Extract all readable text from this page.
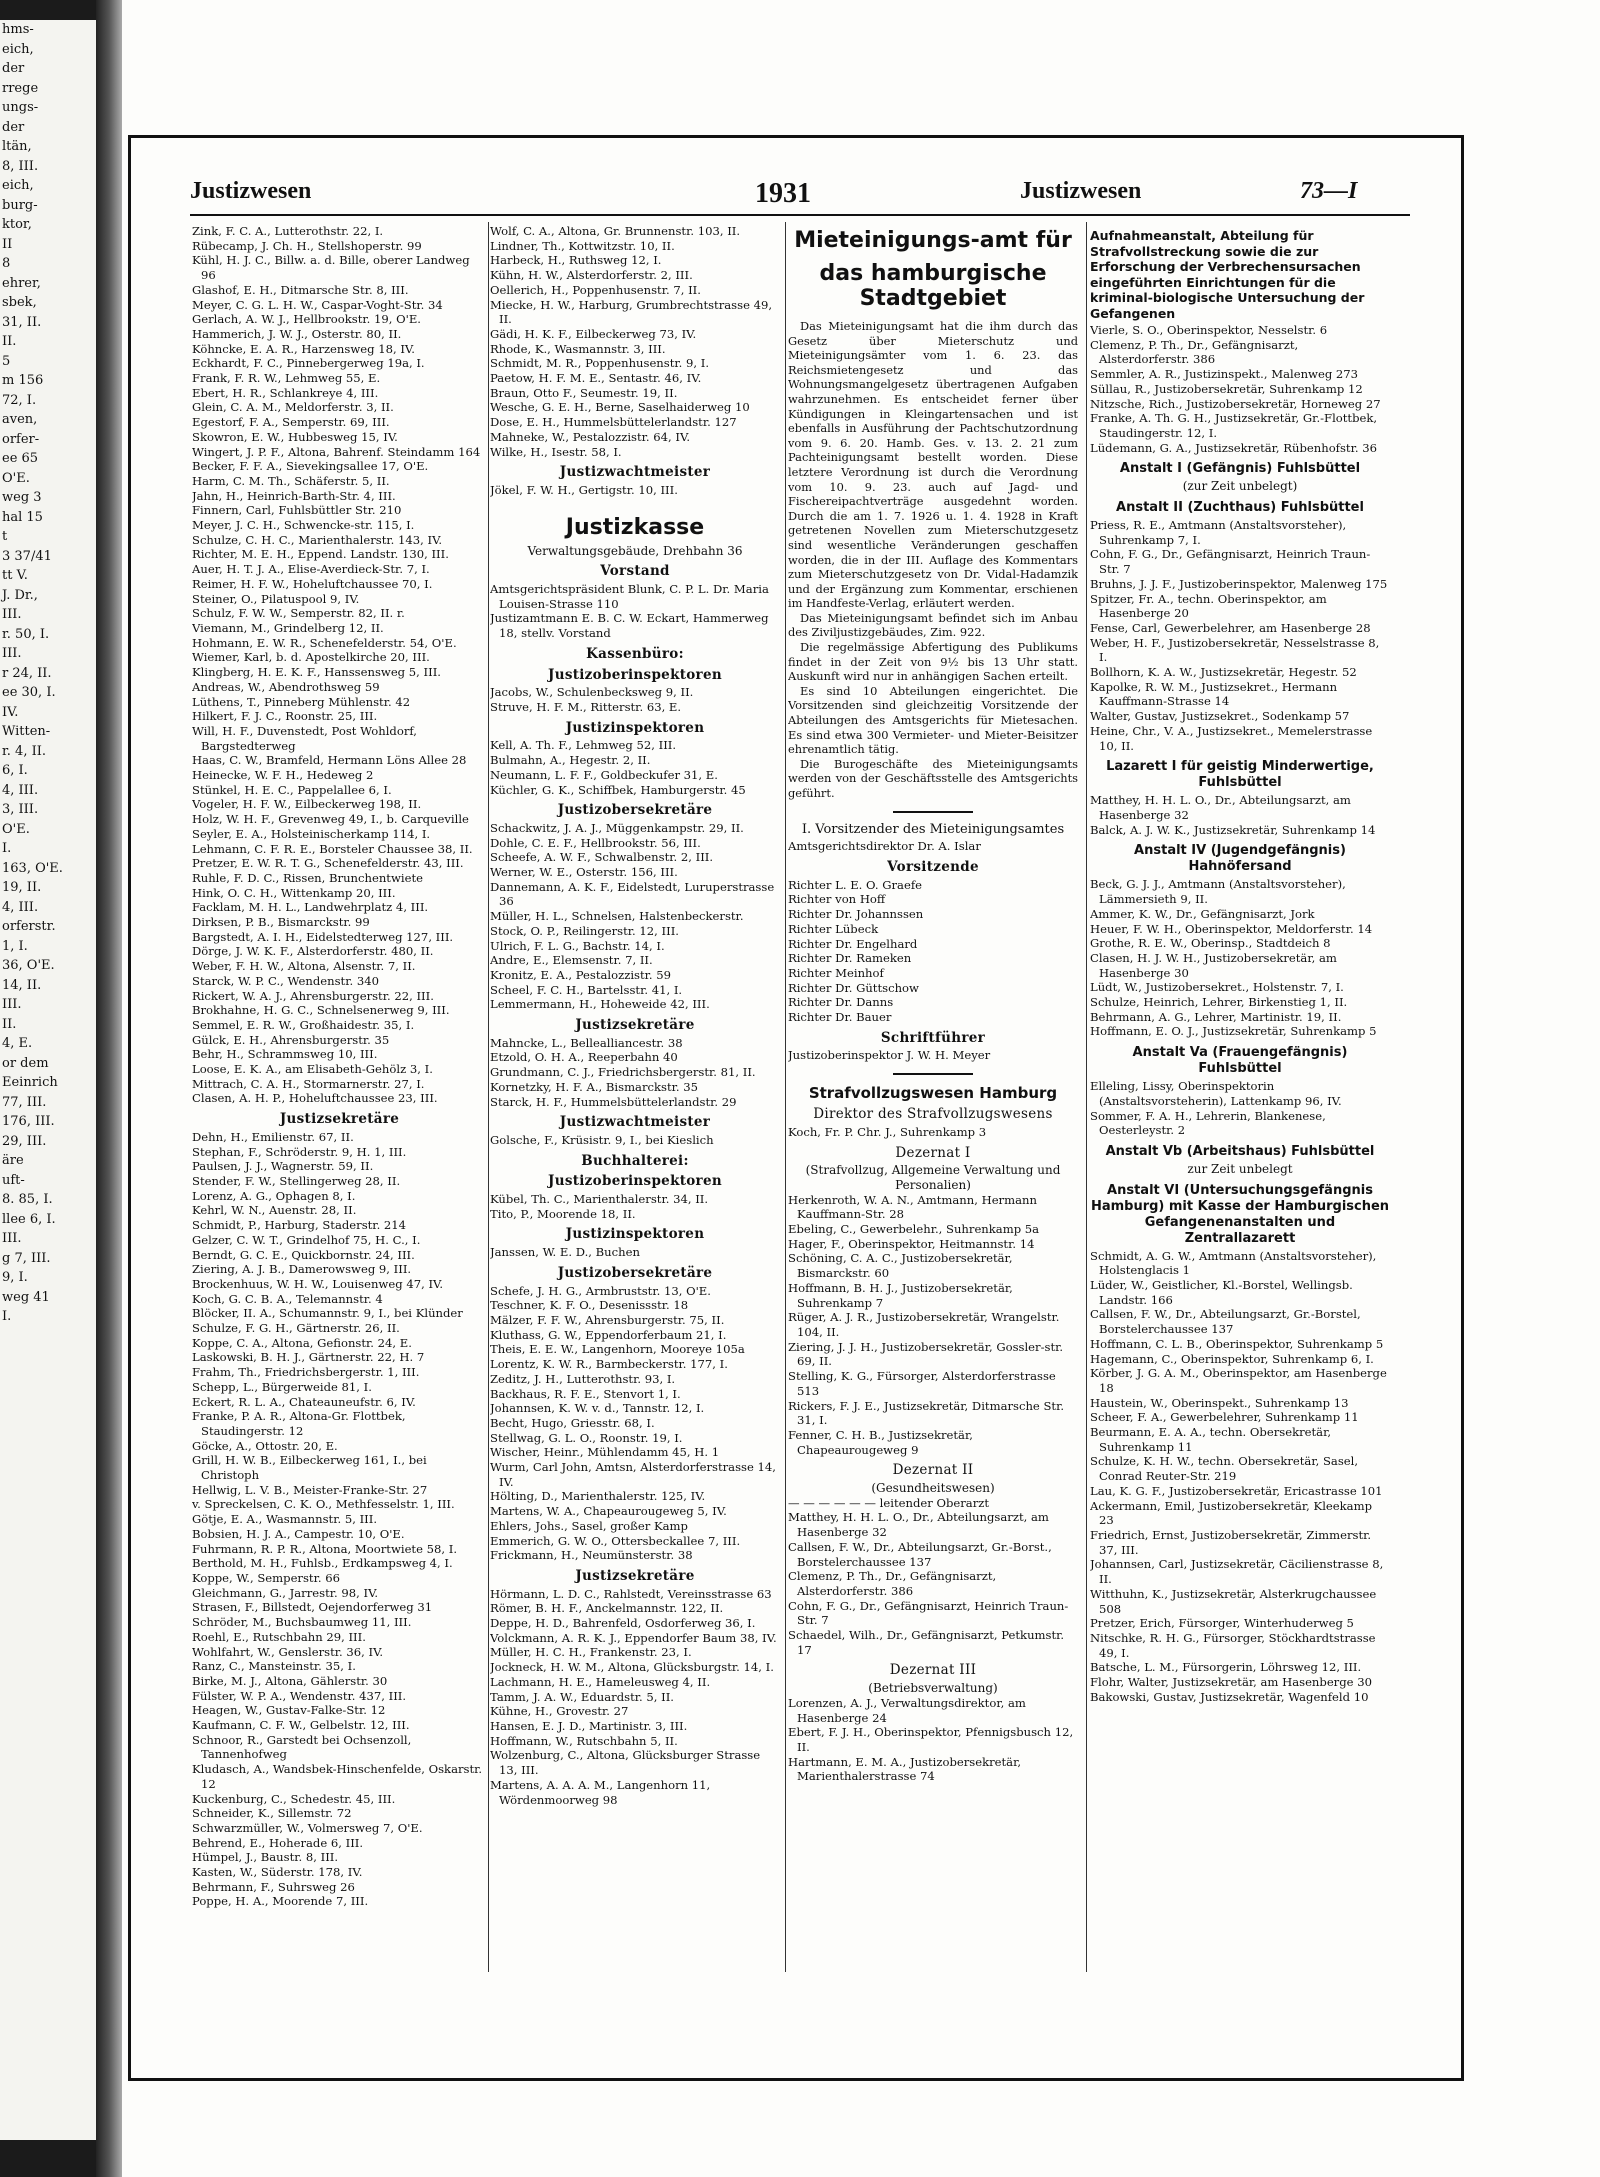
hms-
eich,
der
rrege
ungs-
der
ltän,
8, III.
eich,
burg-
ktor,
II
8
ehrer,
sbek,
31, II.
II.
5
m 156
72, I.
aven,
orfer-
ee 65
O'E.
weg 3
hal 15
t
3 37/41
tt V.
J. Dr.,
III.
r. 50, I.
III.
r 24, II.
ee 30, I.
IV.
Witten-
r. 4, II.
6, I.
4, III.
3, III.
O'E.
I.
163, O'E.
19, II.
4, III.
orferstr.
1, I.
36, O'E.
14, II.
III.
II.
4, E.
or dem
Eeinrich
77, III.
176, III.
29, III.
äre
uft-
8. 85, I.
llee 6, I.
III.
g 7, III.
9, I.
weg 41
I.
Justizwesen	1931	Justizwesen	73—I
Zink, F. C. A., Lutterothstr. 22, I.
Rübecamp, J. Ch. H., Stellshoperstr. 99
Kühl, H. J. C., Billw. a. d. Bille, oberer Landweg 96
Glashof, E. H., Ditmarsche Str. 8, III.
Meyer, C. G. L. H. W., Caspar-Voght-Str. 34
Gerlach, A. W. J., Hellbrookstr. 19, O'E.
Hammerich, J. W. J., Osterstr. 80, II.
Köhncke, E. A. R., Harzensweg 18, IV.
Eckhardt, F. C., Pinnebergerweg 19a, I.
Frank, F. R. W., Lehmweg 55, E.
Ebert, H. R., Schlankreye 4, III.
Glein, C. A. M., Meldorferstr. 3, II.
Egestorf, F. A., Semperstr. 69, III.
Skowron, E. W., Hubbesweg 15, IV.
Wingert, J. P. F., Altona, Bahrenf. Steindamm 164
Becker, F. F. A., Sievekingsallee 17, O'E.
Harm, C. M. Th., Schäferstr. 5, II.
Jahn, H., Heinrich-Barth-Str. 4, III.
Finnern, Carl, Fuhlsbüttler Str. 210
Meyer, J. C. H., Schwencke-str. 115, I.
Schulze, C. H. C., Marienthalerstr. 143, IV.
Richter, M. E. H., Eppend. Landstr. 130, III.
Auer, H. T. J. A., Elise-Averdieck-Str. 7, I.
Reimer, H. F. W., Hoheluftchaussee 70, I.
Steiner, O., Pilatuspool 9, IV.
Schulz, F. W. W., Semperstr. 82, II. r.
Viemann, M., Grindelberg 12, II.
Hohmann, E. W. R., Schenefelderstr. 54, O'E.
Wiemer, Karl, b. d. Apostelkirche 20, III.
Klingberg, H. E. K. F., Hanssensweg 5, III.
Andreas, W., Abendrothsweg 59
Lüthens, T., Pinneberg Mühlenstr. 42
Hilkert, F. J. C., Roonstr. 25, III.
Will, H. F., Duvenstedt, Post Wohldorf, Bargstedterweg
Haas, C. W., Bramfeld, Hermann Löns Allee 28
Heinecke, W. F. H., Hedeweg 2
Stünkel, H. E. C., Pappelallee 6, I.
Vogeler, H. F. W., Eilbeckerweg 198, II.
Holz, W. H. F., Grevenweg 49, I., b. Carqueville
Seyler, E. A., Holsteinischerkamp 114, I.
Lehmann, C. F. R. E., Borsteler Chaussee 38, II.
Pretzer, E. W. R. T. G., Schenefelderstr. 43, III.
Ruhle, F. D. C., Rissen, Brunchentwiete
Hink, O. C. H., Wittenkamp 20, III.
Facklam, M. H. L., Landwehrplatz 4, III.
Dirksen, P. B., Bismarckstr. 99
Bargstedt, A. I. H., Eidelstedterweg 127, III.
Dörge, J. W. K. F., Alsterdorferstr. 480, II.
Weber, F. H. W., Altona, Alsenstr. 7, II.
Starck, W. P. C., Wendenstr. 340
Rickert, W. A. J., Ahrensburgerstr. 22, III.
Brokhahne, H. G. C., Schnelsenerweg 9, III.
Semmel, E. R. W., Großhaidestr. 35, I.
Gülck, E. H., Ahrensburgerstr. 35
Behr, H., Schrammsweg 10, III.
Loose, E. K. A., am Elisabeth-Gehölz 3, I.
Mittrach, C. A. H., Stormarnerstr. 27, I.
Clasen, A. H. P., Hoheluftchaussee 23, III.
Justizsekretäre
Dehn, H., Emilienstr. 67, II.
Stephan, F., Schröderstr. 9, H. 1, III.
Paulsen, J. J., Wagnerstr. 59, II.
Stender, F. W., Stellingerweg 28, II.
Lorenz, A. G., Ophagen 8, I.
Kehrl, W. N., Auenstr. 28, II.
Schmidt, P., Harburg, Staderstr. 214
Gelzer, C. W. T., Grindelhof 75, H. C., I.
Berndt, G. C. E., Quickbornstr. 24, III.
Ziering, A. J. B., Damerowsweg 9, III.
Brockenhuus, W. H. W., Louisenweg 47, IV.
Koch, G. C. B. A., Telemannstr. 4
Blöcker, II. A., Schumannstr. 9, I., bei Klünder
Schulze, F. G. H., Gärtnerstr. 26, II.
Koppe, C. A., Altona, Gefionstr. 24, E.
Laskowski, B. H. J., Gärtnerstr. 22, H. 7
Frahm, Th., Friedrichsbergerstr. 1, III.
Schepp, L., Bürgerweide 81, I.
Eckert, R. L. A., Chateauneufstr. 6, IV.
Franke, P. A. R., Altona-Gr. Flottbek, Staudingerstr. 12
Göcke, A., Ottostr. 20, E.
Grill, H. W. B., Eilbeckerweg 161, I., bei Christoph
Hellwig, L. V. B., Meister-Franke-Str. 27
v. Spreckelsen, C. K. O., Methfesselstr. 1, III.
Götje, E. A., Wasmannstr. 5, III.
Bobsien, H. J. A., Campestr. 10, O'E.
Fuhrmann, R. P. R., Altona, Moortwiete 58, I.
Berthold, M. H., Fuhlsb., Erdkampsweg 4, I.
Koppe, W., Semperstr. 66
Gleichmann, G., Jarrestr. 98, IV.
Strasen, F., Billstedt, Oejendorferweg 31
Schröder, M., Buchsbaumweg 11, III.
Roehl, E., Rutschbahn 29, III.
Wohlfahrt, W., Genslerstr. 36, IV.
Ranz, C., Mansteinstr. 35, I.
Birke, M. J., Altona, Gählerstr. 30
Fülster, W. P. A., Wendenstr. 437, III.
Heagen, W., Gustav-Falke-Str. 12
Kaufmann, C. F. W., Gelbelstr. 12, III.
Schnoor, R., Garstedt bei Ochsenzoll, Tannenhofweg
Kludasch, A., Wandsbek-Hinschenfelde, Oskarstr. 12
Kuckenburg, C., Schedestr. 45, III.
Schneider, K., Sillemstr. 72
Schwarzmüller, W., Volmersweg 7, O'E.
Behrend, E., Hoherade 6, III.
Hümpel, J., Baustr. 8, III.
Kasten, W., Süderstr. 178, IV.
Behrmann, F., Suhrsweg 26
Poppe, H. A., Moorende 7, III.
Wolf, C. A., Altona, Gr. Brunnenstr. 103, II.
Lindner, Th., Kottwitzstr. 10, II.
Harbeck, H., Ruthsweg 12, I.
Kühn, H. W., Alsterdorferstr. 2, III.
Oellerich, H., Poppenhusenstr. 7, II.
Miecke, H. W., Harburg, Grumbrechtstrasse 49, II.
Gädi, H. K. F., Eilbeckerweg 73, IV.
Rhode, K., Wasmannstr. 3, III.
Schmidt, M. R., Poppenhusenstr. 9, I.
Paetow, H. F. M. E., Sentastr. 46, IV.
Braun, Otto F., Seumestr. 19, II.
Wesche, G. E. H., Berne, Saselhaiderweg 10
Dose, E. H., Hummelsbüttelerlandstr. 127
Mahneke, W., Pestalozzistr. 64, IV.
Wilke, H., Isestr. 58, I.
Justizwachtmeister
Jökel, F. W. H., Gertigstr. 10, III.
Justizkasse
Verwaltungsgebäude, Drehbahn 36
Vorstand
Amtsgerichtspräsident Blunk, C. P. L. Dr. Maria Louisen-Strasse 110
Justizamtmann E. B. C. W. Eckart, Hammerweg 18, stellv. Vorstand
Kassenbüro:
Justizoberinspektoren
Jacobs, W., Schulenbecksweg 9, II.
Struve, H. F. M., Ritterstr. 63, E.
Justizinspektoren
Kell, A. Th. F., Lehmweg 52, III.
Bulmahn, A., Hegestr. 2, II.
Neumann, L. F. F., Goldbeckufer 31, E.
Küchler, G. K., Schiffbek, Hamburgerstr. 45
Justizobersekretäre
Schackwitz, J. A. J., Müggenkampstr. 29, II.
Dohle, C. E. F., Hellbrookstr. 56, III.
Scheefe, A. W. F., Schwalbenstr. 2, III.
Werner, W. E., Osterstr. 156, III.
Dannemann, A. K. F., Eidelstedt, Luruperstrasse 36
Müller, H. L., Schnelsen, Halstenbeckerstr.
Stock, O. P., Reilingerstr. 12, III.
Ulrich, F. L. G., Bachstr. 14, I.
Andre, E., Elemsenstr. 7, II.
Kronitz, E. A., Pestalozzistr. 59
Scheel, F. C. H., Bartelsstr. 41, I.
Lemmermann, H., Hoheweide 42, III.
Justizsekretäre
Mahncke, L., Bellealliancestr. 38
Etzold, O. H. A., Reeperbahn 40
Grundmann, C. J., Friedrichsbergerstr. 81, II.
Kornetzky, H. F. A., Bismarckstr. 35
Starck, H. F., Hummelsbüttelerlandstr. 29
Justizwachtmeister
Golsche, F., Krüsistr. 9, I., bei Kieslich
Buchhalterei:
Justizoberinspektoren
Kübel, Th. C., Marienthalerstr. 34, II.
Tito, P., Moorende 18, II.
Justizinspektoren
Janssen, W. E. D., Buchen
Justizobersekretäre
Schefe, J. H. G., Armbruststr. 13, O'E.
Teschner, K. F. O., Desenissstr. 18
Mälzer, F. F. W., Ahrensburgerstr. 75, II.
Kluthass, G. W., Eppendorferbaum 21, I.
Theis, E. E. W., Langenhorn, Mooreye 105a
Lorentz, K. W. R., Barmbeckerstr. 177, I.
Zeditz, J. H., Lutterothstr. 93, I.
Backhaus, R. F. E., Stenvort 1, I.
Johannsen, K. W. v. d., Tannstr. 12, I.
Becht, Hugo, Griesstr. 68, I.
Stellwag, G. L. O., Roonstr. 19, I.
Wischer, Heinr., Mühlendamm 45, H. 1
Wurm, Carl John, Amtsn, Alsterdorferstrasse 14, IV.
Hölting, D., Marienthalerstr. 125, IV.
Martens, W. A., Chapeaurougeweg 5, IV.
Ehlers, Johs., Sasel, großer Kamp
Emmerich, G. W. O., Ottersbeckallee 7, III.
Frickmann, H., Neumünsterstr. 38
Justizsekretäre
Hörmann, L. D. C., Rahlstedt, Vereinsstrasse 63
Römer, B. H. F., Anckelmannstr. 122, II.
Deppe, H. D., Bahrenfeld, Osdorferweg 36, I.
Volckmann, A. R. K. J., Eppendorfer Baum 38, IV.
Müller, H. C. H., Frankenstr. 23, I.
Jockneck, H. W. M., Altona, Glücksburgstr. 14, I.
Lachmann, H. E., Hameleusweg 4, II.
Tamm, J. A. W., Eduardstr. 5, II.
Kühne, H., Grovestr. 27
Hansen, E. J. D., Martinistr. 3, III.
Hoffmann, W., Rutschbahn 5, II.
Wolzenburg, C., Altona, Glücksburger Strasse 13, III.
Martens, A. A. A. M., Langenhorn 11, Wördenmoorweg 98
Mieteinigungs-amt für
das hamburgische Stadtgebiet
Das Mieteinigungsamt hat die ihm durch das Gesetz über Mieterschutz und Mieteinigungsämter vom 1. 6. 23. das Reichsmietengesetz und das Wohnungsmangelgesetz übertragenen Aufgaben wahrzunehmen. Es entscheidet ferner über Kündigungen in Kleingartensachen und ist ebenfalls in Ausführung der Pachtschutzordnung vom 9. 6. 20. Hamb. Ges. v. 13. 2. 21 zum Pachteinigungsamt bestellt worden. Diese letztere Verordnung ist durch die Verordnung vom 10. 9. 23. auch auf Jagd- und Fischereipachtverträge ausgedehnt worden. Durch die am 1. 7. 1926 u. 1. 4. 1928 in Kraft getretenen Novellen zum Mieterschutzgesetz sind wesentliche Veränderungen geschaffen worden, die in der III. Auflage des Kommentars zum Mieterschutzgesetz von Dr. Vidal-Hadamzik und der Ergänzung zum Kommentar, erschienen im Handfeste-Verlag, erläutert werden.
Das Mieteinigungsamt befindet sich im Anbau des Ziviljustizgebäudes, Zim. 922.
Die regelmässige Abfertigung des Publikums findet in der Zeit von 9½ bis 13 Uhr statt. Auskunft wird nur in anhängigen Sachen erteilt.
Es sind 10 Abteilungen eingerichtet. Die Vorsitzenden sind gleichzeitig Vorsitzende der Abteilungen des Amtsgerichts für Mietesachen. Es sind etwa 300 Vermieter- und Mieter-Beisitzer ehrenamtlich tätig.
Die Burogeschäfte des Mieteinigungsamts werden von der Geschäftsstelle des Amtsgerichts geführt.
I. Vorsitzender des Mieteinigungsamtes
Amtsgerichtsdirektor Dr. A. Islar
Vorsitzende
Richter L. E. O. Graefe
Richter von Hoff
Richter Dr. Johannssen
Richter Lübeck
Richter Dr. Engelhard
Richter Dr. Rameken
Richter Meinhof
Richter Dr. Güttschow
Richter Dr. Danns
Richter Dr. Bauer
Schriftführer
Justizoberinspektor J. W. H. Meyer
Strafvollzugswesen Hamburg
Direktor des Strafvollzugswesens
Koch, Fr. P. Chr. J., Suhrenkamp 3
Dezernat I
(Strafvollzug, Allgemeine Verwaltung und Personalien)
Herkenroth, W. A. N., Amtmann, Hermann Kauffmann-Str. 28
Ebeling, C., Gewerbelehr., Suhrenkamp 5a
Hager, F., Oberinspektor, Heitmannstr. 14
Schöning, C. A. C., Justizobersekretär, Bismarckstr. 60
Hoffmann, B. H. J., Justizobersekretär, Suhrenkamp 7
Rüger, A. J. R., Justizobersekretär, Wrangelstr. 104, II.
Ziering, J. J. H., Justizobersekretär, Gossler-str. 69, II.
Stelling, K. G., Fürsorger, Alsterdorferstrasse 513
Rickers, F. J. E., Justizsekretär, Ditmarsche Str. 31, I.
Fenner, C. H. B., Justizsekretär, Chapeaurougeweg 9
Dezernat II
(Gesundheitswesen)
— — — — — — leitender Oberarzt
Matthey, H. H. L. O., Dr., Abteilungsarzt, am Hasenberge 32
Callsen, F. W., Dr., Abteilungsarzt, Gr.-Borst., Borstelerchaussee 137
Clemenz, P. Th., Dr., Gefängnisarzt, Alsterdorferstr. 386
Cohn, F. G., Dr., Gefängnisarzt, Heinrich Traun-Str. 7
Schaedel, Wilh., Dr., Gefängnisarzt, Petkumstr. 17
Dezernat III
(Betriebsverwaltung)
Lorenzen, A. J., Verwaltungsdirektor, am Hasenberge 24
Ebert, F. J. H., Oberinspektor, Pfennigsbusch 12, II.
Hartmann, E. M. A., Justizobersekretär, Marienthalerstrasse 74
Aufnahmeanstalt, Abteilung für Strafvollstreckung sowie die zur Erforschung der Verbrechensursachen eingeführten Einrichtungen für die kriminal-biologische Untersuchung der Gefangenen
Vierle, S. O., Oberinspektor, Nesselstr. 6
Clemenz, P. Th., Dr., Gefängnisarzt, Alsterdorferstr. 386
Semmler, A. R., Justizinspekt., Malenweg 273
Süllau, R., Justizobersekretär, Suhrenkamp 12
Nitzsche, Rich., Justizobersekretär, Horneweg 27
Franke, A. Th. G. H., Justizsekretär, Gr.-Flottbek, Staudingerstr. 12, I.
Lüdemann, G. A., Justizsekretär, Rübenhofstr. 36
Anstalt I (Gefängnis) Fuhlsbüttel
(zur Zeit unbelegt)
Anstalt II (Zuchthaus) Fuhlsbüttel
Priess, R. E., Amtmann (Anstaltsvorsteher), Suhrenkamp 7, I.
Cohn, F. G., Dr., Gefängnisarzt, Heinrich Traun-Str. 7
Bruhns, J. J. F., Justizoberinspektor, Malenweg 175
Spitzer, Fr. A., techn. Oberinspektor, am Hasenberge 20
Fense, Carl, Gewerbelehrer, am Hasenberge 28
Weber, H. F., Justizobersekretär, Nesselstrasse 8, I.
Bollhorn, K. A. W., Justizsekretär, Hegestr. 52
Kapolke, R. W. M., Justizsekret., Hermann Kauffmann-Strasse 14
Walter, Gustav, Justizsekret., Sodenkamp 57
Heine, Chr., V. A., Justizsekret., Memelerstrasse 10, II.
Lazarett I für geistig Minderwertige, Fuhlsbüttel
Matthey, H. H. L. O., Dr., Abteilungsarzt, am Hasenberge 32
Balck, A. J. W. K., Justizsekretär, Suhrenkamp 14
Anstalt IV (Jugendgefängnis) Hahnöfersand
Beck, G. J. J., Amtmann (Anstaltsvorsteher), Lämmersieth 9, II.
Ammer, K. W., Dr., Gefängnisarzt, Jork
Heuer, F. W. H., Oberinspektor, Meldorferstr. 14
Grothe, R. E. W., Oberinsp., Stadtdeich 8
Clasen, H. J. W. H., Justizobersekretär, am Hasenberge 30
Lüdt, W., Justizobersekret., Holstenstr. 7, I.
Schulze, Heinrich, Lehrer, Birkenstieg 1, II.
Behrmann, A. G., Lehrer, Martinistr. 19, II.
Hoffmann, E. O. J., Justizsekretär, Suhrenkamp 5
Anstalt Va (Frauengefängnis) Fuhlsbüttel
Elleling, Lissy, Oberinspektorin (Anstaltsvorsteherin), Lattenkamp 96, IV.
Sommer, F. A. H., Lehrerin, Blankenese, Oesterleystr. 2
Anstalt Vb (Arbeitshaus) Fuhlsbüttel
zur Zeit unbelegt
Anstalt VI (Untersuchungsgefängnis Hamburg) mit Kasse der Hamburgischen Gefangenenanstalten und Zentrallazarett
Schmidt, A. G. W., Amtmann (Anstaltsvorsteher), Holstenglacis 1
Lüder, W., Geistlicher, Kl.-Borstel, Wellingsb. Landstr. 166
Callsen, F. W., Dr., Abteilungsarzt, Gr.-Borstel, Borstelerchaussee 137
Hoffmann, C. L. B., Oberinspektor, Suhrenkamp 5
Hagemann, C., Oberinspektor, Suhrenkamp 6, I.
Körber, J. G. A. M., Oberinspektor, am Hasenberge 18
Haustein, W., Oberinspekt., Suhrenkamp 13
Scheer, F. A., Gewerbelehrer, Suhrenkamp 11
Beurmann, E. A. A., techn. Obersekretär, Suhrenkamp 11
Schulze, K. H. W., techn. Obersekretär, Sasel, Conrad Reuter-Str. 219
Lau, K. G. F., Justizobersekretär, Ericastrasse 101
Ackermann, Emil, Justizobersekretär, Kleekamp 23
Friedrich, Ernst, Justizobersekretär, Zimmerstr. 37, III.
Johannsen, Carl, Justizsekretär, Cäcilienstrasse 8, II.
Witthuhn, K., Justizsekretär, Alsterkrugchaussee 508
Pretzer, Erich, Fürsorger, Winterhuderweg 5
Nitschke, R. H. G., Fürsorger, Stöckhardtstrasse 49, I.
Batsche, L. M., Fürsorgerin, Löhrsweg 12, III.
Flohr, Walter, Justizsekretär, am Hasenberge 30
Bakowski, Gustav, Justizsekretär, Wagenfeld 10
